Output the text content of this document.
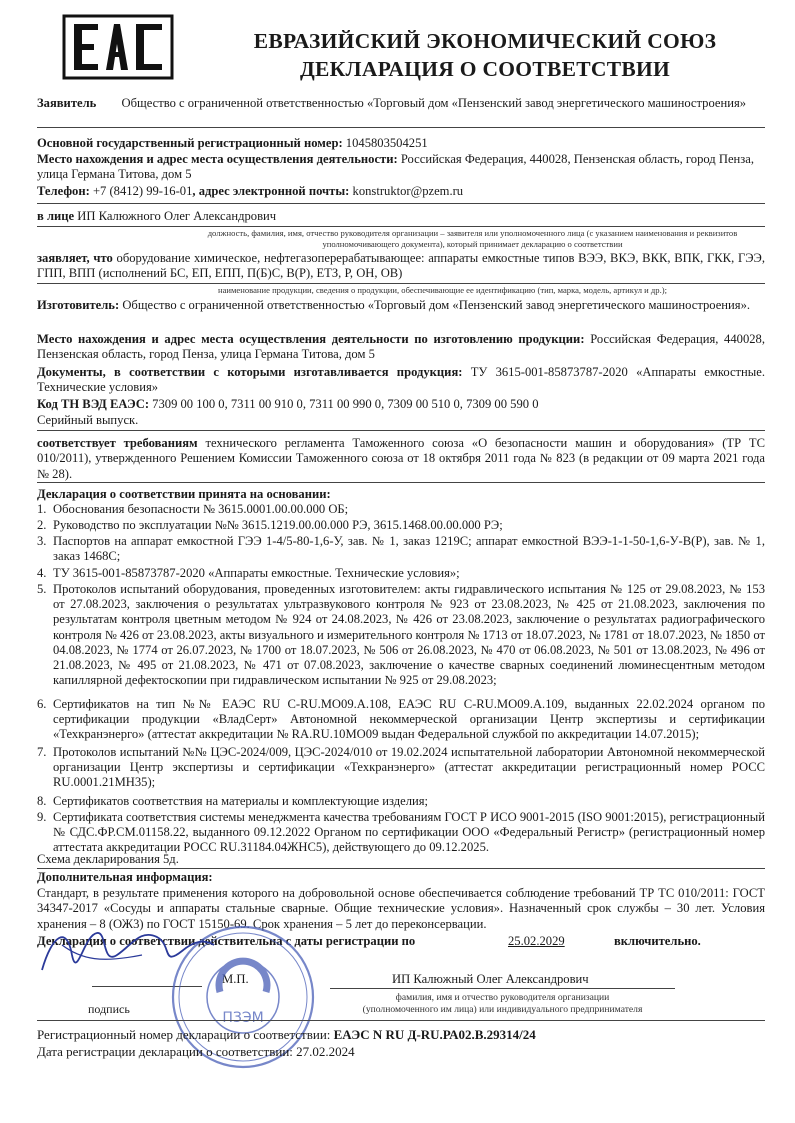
ЕВРАЗИЙСКИЙ ЭКОНОМИЧЕСКИЙ СОЮЗ
ДЕКЛАРАЦИЯ О СООТВЕТСТВИИ
Заявитель Общество с ограниченной ответственностью «Торговый дом «Пензенский завод энергетического машиностроения»
Основной государственный регистрационный номер: 1045803504251
Место нахождения и адрес места осуществления деятельности: Российская Федерация, 440028, Пензенская область, город Пенза, улица Германа Титова, дом 5
Телефон: +7 (8412) 99-16-01, адрес электронной почты: konstruktor@pzem.ru
в лице ИП Калюжного Олег Александрович
должность, фамилия, имя, отчество руководителя организации – заявителя или уполномоченного лица (с указанием наименования и реквизитов уполномочивающего документа), который принимает декларацию о соответствии
заявляет, что оборудование химическое, нефтегазоперерабатывающее: аппараты емкостные типов ВЭЭ, ВКЭ, ВКК, ВПК, ГКК, ГЭЭ, ГПП, ВПП (исполнений БС, ЕП, ЕПП, П(Б)С, В(Р), ЕТЗ, Р, ОН, ОВ)
наименование продукции, сведения о продукции, обеспечивающие ее идентификацию (тип, марка, модель, артикул и др.);
Изготовитель: Общество с ограниченной ответственностью «Торговый дом «Пензенский завод энергетического машиностроения».
Место нахождения и адрес места осуществления деятельности по изготовлению продукции: Российская Федерация, 440028, Пензенская область, город Пенза, улица Германа Титова, дом 5
Документы, в соответствии с которыми изготавливается продукция: ТУ 3615-001-85873787-2020 «Аппараты емкостные. Технические условия»
Код ТН ВЭД ЕАЭС: 7309 00 100 0, 7311 00 910 0, 7311 00 990 0, 7309 00 510 0, 7309 00 590 0
Серийный выпуск.
соответствует требованиям технического регламента Таможенного союза «О безопасности машин и оборудования» (ТР ТС 010/2011), утвержденного Решением Комиссии Таможенного союза от 18 октября 2011 года № 823 (в редакции от 09 марта 2021 года № 28).
Декларация о соответствии принята на основании:
1. Обоснования безопасности № 3615.0001.00.00.000 ОБ;
2. Руководство по эксплуатации №№ 3615.1219.00.00.000 РЭ, 3615.1468.00.00.000 РЭ;
3. Паспортов на аппарат емкостной ГЭЭ 1-4/5-80-1,6-У, зав. № 1, заказ 1219С; аппарат емкостной ВЭЭ-1-1-50-1,6-У-В(Р), зав. № 1, заказ 1468С;
4. ТУ 3615-001-85873787-2020 «Аппараты емкостные. Технические условия»;
5. Протоколов испытаний оборудования, проведенных изготовителем: акты гидравлического испытания № 125 от 29.08.2023, № 153 от 27.08.2023, заключения о результатах ультразвукового контроля № 923 от 23.08.2023, № 425 от 21.08.2023, заключения по результатам контроля цветным методом № 924 от 24.08.2023, № 426 от 23.08.2023, заключение о результатах радиографического контроля № 426 от 23.08.2023, акты визуального и измерительного контроля № 1713 от 18.07.2023, № 1781 от 18.07.2023, № 1850 от 04.08.2023, № 1774 от 26.07.2023, № 1700 от 18.07.2023, № 506 от 26.08.2023, № 470 от 06.08.2023, № 501 от 13.08.2023, № 496 от 21.08.2023, № 495 от 21.08.2023, № 471 от 07.08.2023, заключение о качестве сварных соединений люминесцентным методом капиллярной дефектоскопии при гидравлическом испытании № 925 от 29.08.2023;
6. Сертификатов на тип №№ ЕАЭС RU C-RU.МО09.А.108, ЕАЭС RU C-RU.МО09.А.109, выданных 22.02.2024 органом по сертификации продукции «ВладСерт» Автономной некоммерческой организации Центр экспертизы и сертификации «Техкранэнерго» (аттестат аккредитации № RA.RU.10МО09 выдан Федеральной службой по аккредитации 14.07.2015);
7. Протоколов испытаний №№ ЦЭС-2024/009, ЦЭС-2024/010 от 19.02.2024 испытательной лаборатории Автономной некоммерческой организации Центр экспертизы и сертификации «Техкранэнерго» (аттестат аккредитации регистрационный номер РОСС RU.0001.21МН35);
8. Сертификатов соответствия на материалы и комплектующие изделия;
9. Сертификата соответствия системы менеджмента качества требованиям ГОСТ Р ИСО 9001-2015 (ISO 9001:2015), регистрационный № СДС.ФР.СМ.01158.22, выданного 09.12.2022 Органом по сертификации ООО «Федеральный Регистр» (регистрационный номер аттестата аккредитации РОСС RU.31184.04ЖНС5), действующего до 09.12.2025.
Схема декларирования 5д.
Дополнительная информация:
Стандарт, в результате применения которого на добровольной основе обеспечивается соблюдение требований ТР ТС 010/2011: ГОСТ 34347-2017 «Сосуды и аппараты стальные сварные. Общие технические условия». Назначенный срок службы – 30 лет. Условия хранения – 8 (ОЖ3) по ГОСТ 15150-69. Срок хранения – 5 лет до переконсервации.
Декларация о соответствии действительна с даты регистрации по	25.02.2029	включительно.
М.П.	ИП Калюжный Олег Александрович
подпись
фамилия, имя и отчество руководителя организации
(уполномоченного им лица) или индивидуального предпринимателя
ПЗЭМ
Регистрационный номер декларации о соответствии: ЕАЭС N RU Д-RU.РА02.В.29314/24
Дата регистрации декларации о соответствии: 27.02.2024
